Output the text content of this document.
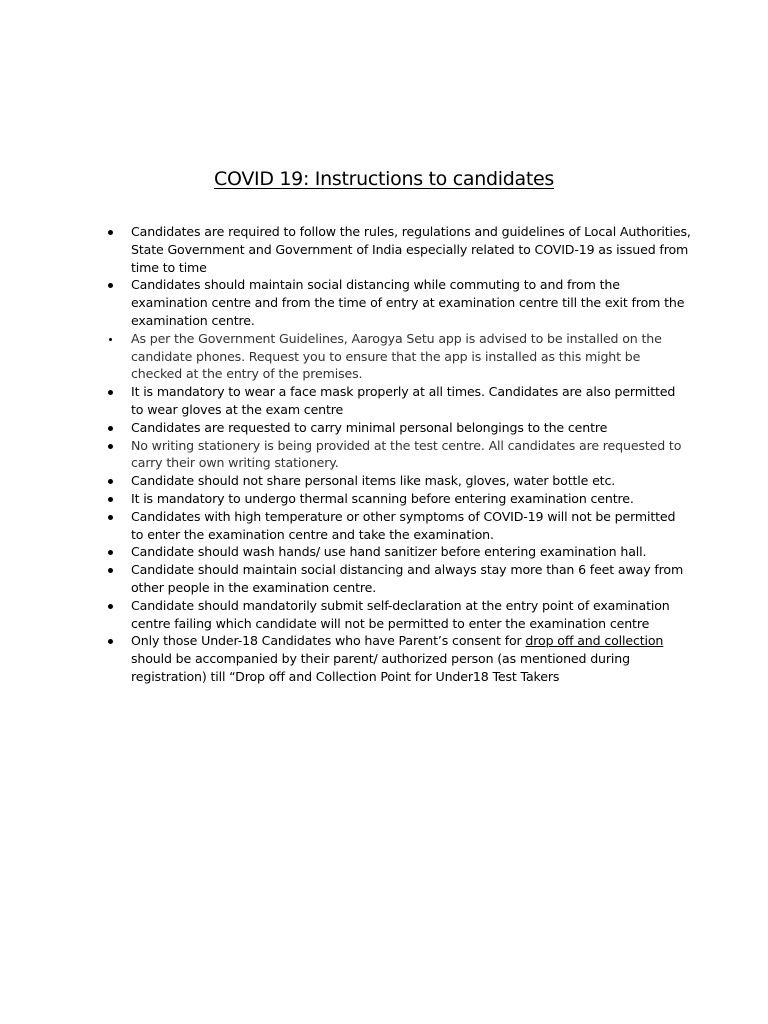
COVID 19: Instructions to candidates
Candidates are required to follow the rules, regulations and guidelines of Local Authorities, State Government and Government of India especially related to COVID-19 as issued from time to time
Candidates should maintain social distancing while commuting to and from the examination centre and from the time of entry at examination centre till the exit from the examination centre.
As per the Government Guidelines, Aarogya Setu app is advised to be installed on the candidate phones. Request you to ensure that the app is installed as this might be checked at the entry of the premises.
It is mandatory to wear a face mask properly at all times. Candidates are also permitted to wear gloves at the exam centre
Candidates are requested to carry minimal personal belongings to the centre
No writing stationery is being provided at the test centre. All candidates are requested to carry their own writing stationery.
Candidate should not share personal items like mask, gloves, water bottle etc.
It is mandatory to undergo thermal scanning before entering examination centre.
Candidates with high temperature or other symptoms of COVID-19 will not be permitted to enter the examination centre and take the examination.
Candidate should wash hands/ use hand sanitizer before entering examination hall.
Candidate should maintain social distancing and always stay more than 6 feet away from other people in the examination centre.
Candidate should mandatorily submit self-declaration at the entry point of examination centre failing which candidate will not be permitted to enter the examination centre
Only those Under-18 Candidates who have Parent’s consent for drop off and collection should be accompanied by their parent/ authorized person (as mentioned during registration) till “Drop off and Collection Point for Under18 Test Takers
